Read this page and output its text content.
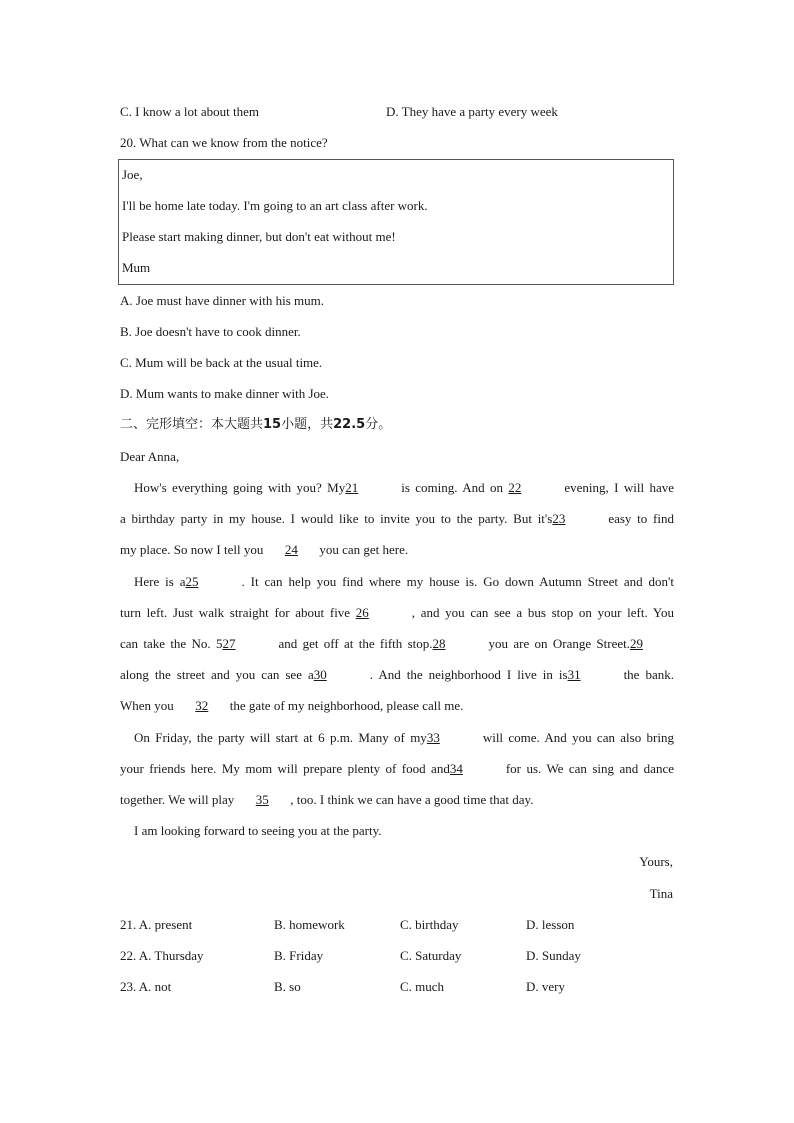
C. I know a lot about them	D. They have a party every week
20. What can we know from the notice?
Joe,
I'll be home late today. I'm going to an art class after work.
Please start making dinner, but don't eat without me!
Mum
A. Joe must have dinner with his mum.
B. Joe doesn't have to cook dinner.
C. Mum will be back at the usual time.
D. Mum wants to make dinner with Joe.
二、完形填空：本大题共15小题，共22.5分。
Dear Anna,
How's everything going with you? My21	is coming. And on 22	evening, I will have
a birthday party in my house. I would like to invite you to the party. But it's23	easy to find
my place. So now I tell you 24 you can get here.
Here is a25	. It can help you find where my house is. Go down Autumn Street and don't
turn left. Just walk straight for about five 26	, and you can see a bus stop on your left. You
can take the No. 527	and get off at the fifth stop.28	you are on Orange Street.29
along the street and you can see a30	. And the neighborhood I live in is31	the bank.
When you 32 the gate of my neighborhood, please call me.
On Friday, the party will start at 6 p.m. Many of my33	will come. And you can also bring
your friends here. My mom will prepare plenty of food and34	for us. We can sing and dance
together. We will play 35 , too. I think we can have a good time that day.
I am looking forward to seeing you at the party.
Yours,
Tina
21. A. present	B. homework	C. birthday	D. lesson
22. A. Thursday	B. Friday	C. Saturday	D. Sunday
23. A. not	B. so	C. much	D. very
